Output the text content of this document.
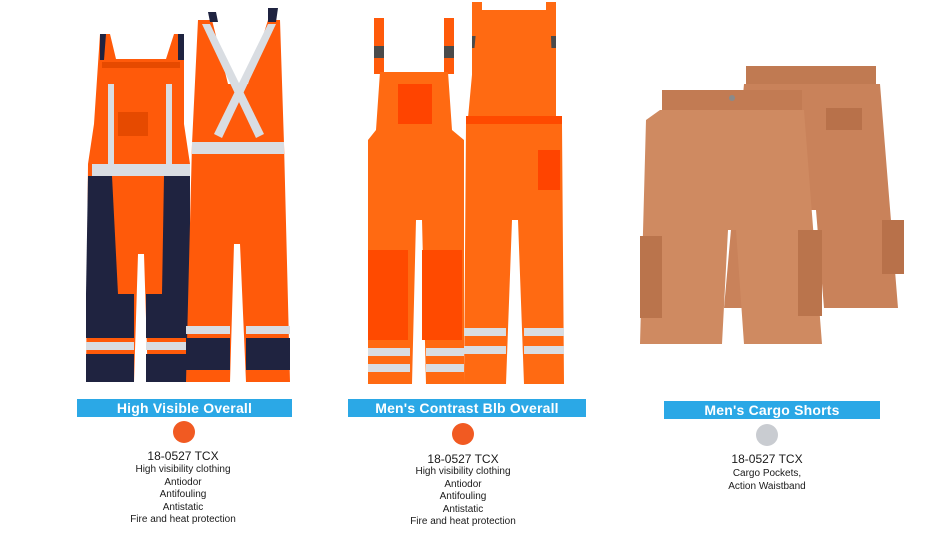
High Visible Overall
18-0527 TCX
High visibility clothing
Antiodor
Antifouling
Antistatic
Fire and heat protection
Men's Contrast Blb Overall
18-0527 TCX
High visibility clothing
Antiodor
Antifouling
Antistatic
Fire and heat protection
Men's Cargo Shorts
18-0527 TCX
Cargo Pockets,
Action Waistband
